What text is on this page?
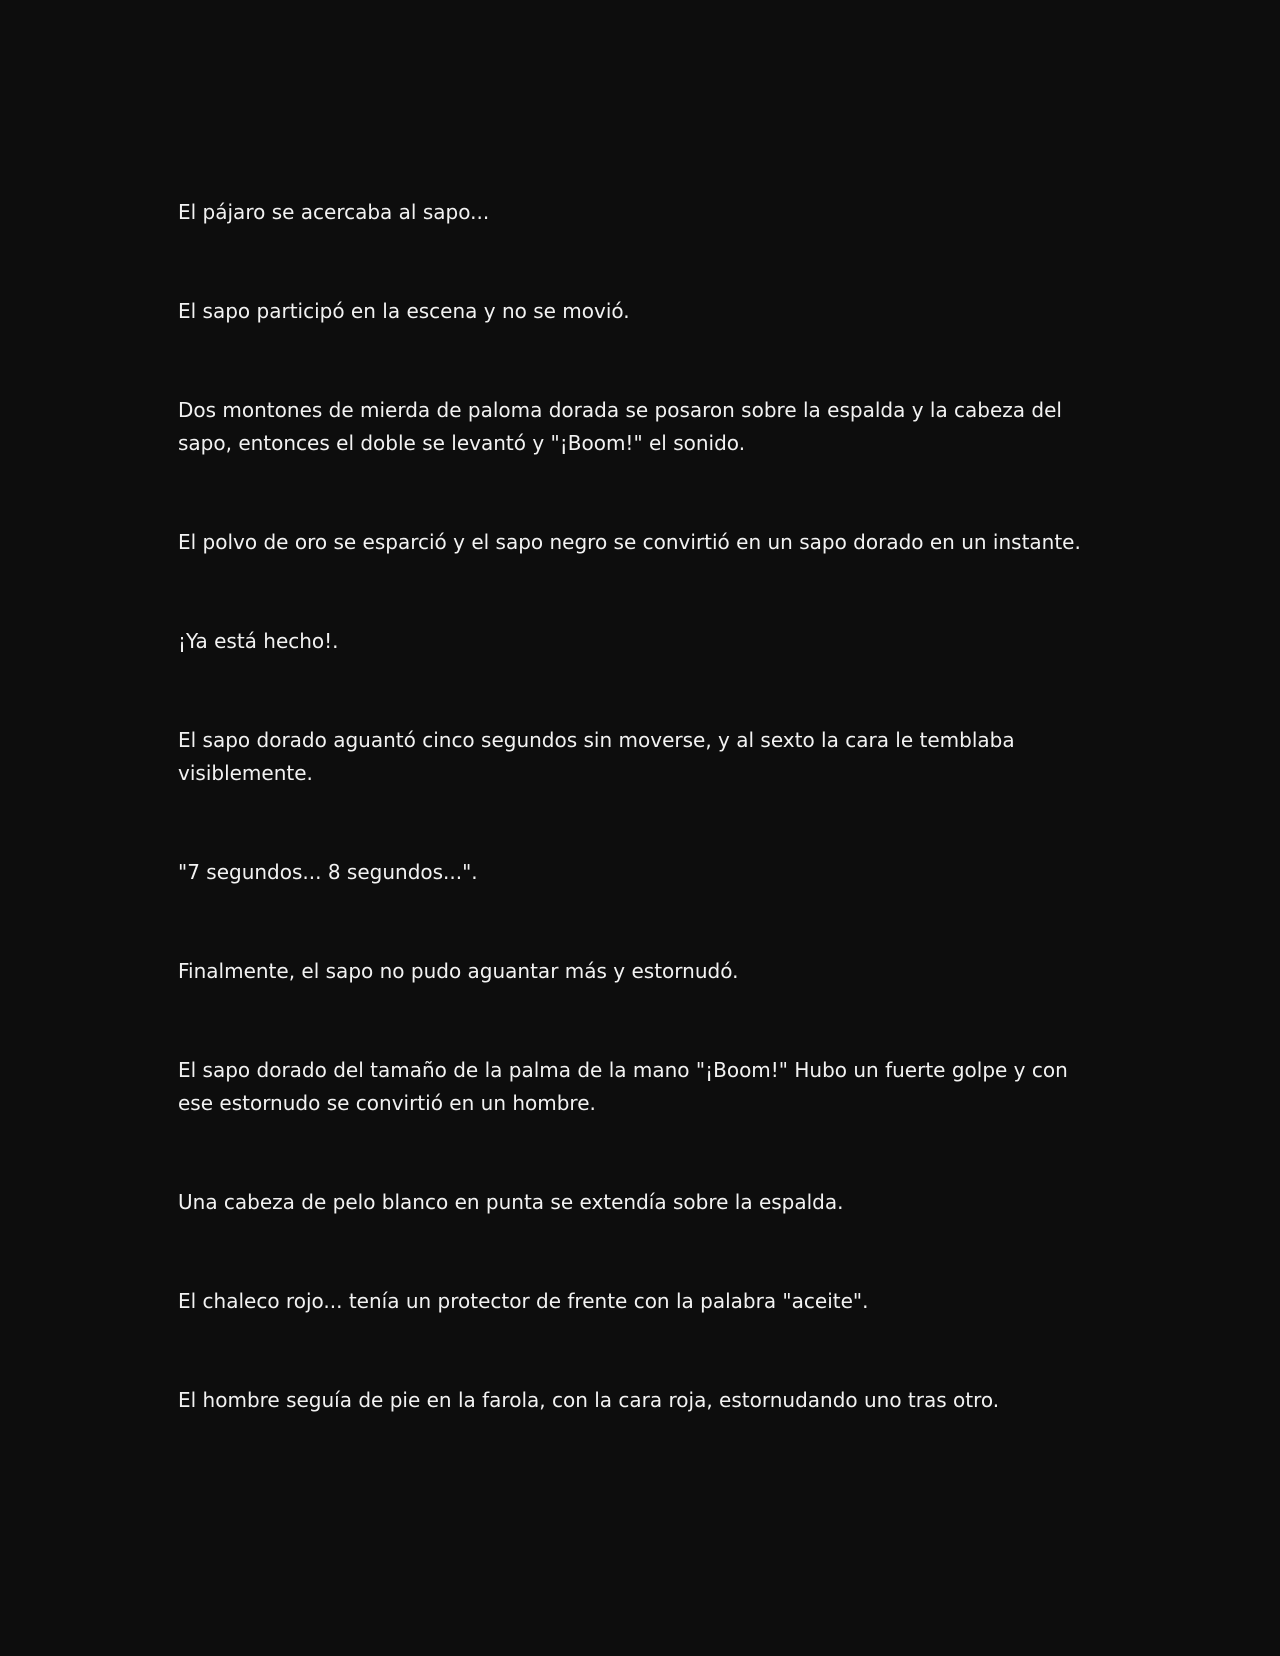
El pájaro se acercaba al sapo...

El sapo participó en la escena y no se movió.

Dos montones de mierda de paloma dorada se posaron sobre la espalda y la cabeza del sapo, entonces el doble se levantó y "¡Boom!" el sonido.

El polvo de oro se esparció y el sapo negro se convirtió en un sapo dorado en un instante.

¡Ya está hecho!.

El sapo dorado aguantó cinco segundos sin moverse, y al sexto la cara le temblaba visiblemente.

"7 segundos... 8 segundos...".

Finalmente, el sapo no pudo aguantar más y estornudó.

El sapo dorado del tamaño de la palma de la mano "¡Boom!" Hubo un fuerte golpe y con ese estornudo se convirtió en un hombre.

Una cabeza de pelo blanco en punta se extendía sobre la espalda.

El chaleco rojo... tenía un protector de frente con la palabra "aceite".

El hombre seguía de pie en la farola, con la cara roja, estornudando uno tras otro.
